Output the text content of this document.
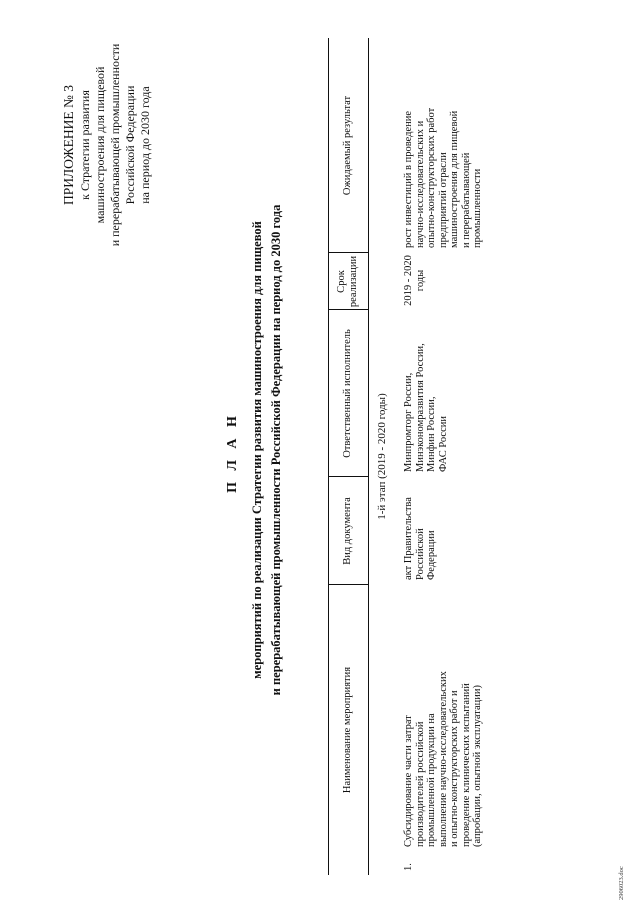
ПРИЛОЖЕНИЕ № 3 к Стратегии развития машиностроения для пищевой и перерабатывающей промышленности Российской Федерации на период до 2030 года
П Л А Н мероприятий по реализации Стратегии развития машиностроения для пищевой и перерабатывающей промышленности Российской Федерации на период до 2030 года
Наименование мероприятия
Вид документа
Ответственный исполнитель
Срок реализации
Ожидаемый результат
1-й этап (2019 - 2020 годы)
1.
Субсидирование части затрат производителей российской промышленной продукции на выполнение научно-исследовательских и опытно-конструкторских работ и проведение клинических испытаний (апробации, опытной эксплуатации)
акт Правительства Российской Федерации
Минпромторг России, Минэкономразвития России, Минфин России, ФАС России
2019 - 2020 годы
рост инвестиций в проведение научно-исследовательских и опытно-конструкторских работ предприятий отрасли машиностроения для пищевой и перерабатывающей промышленности
2906023.doc
